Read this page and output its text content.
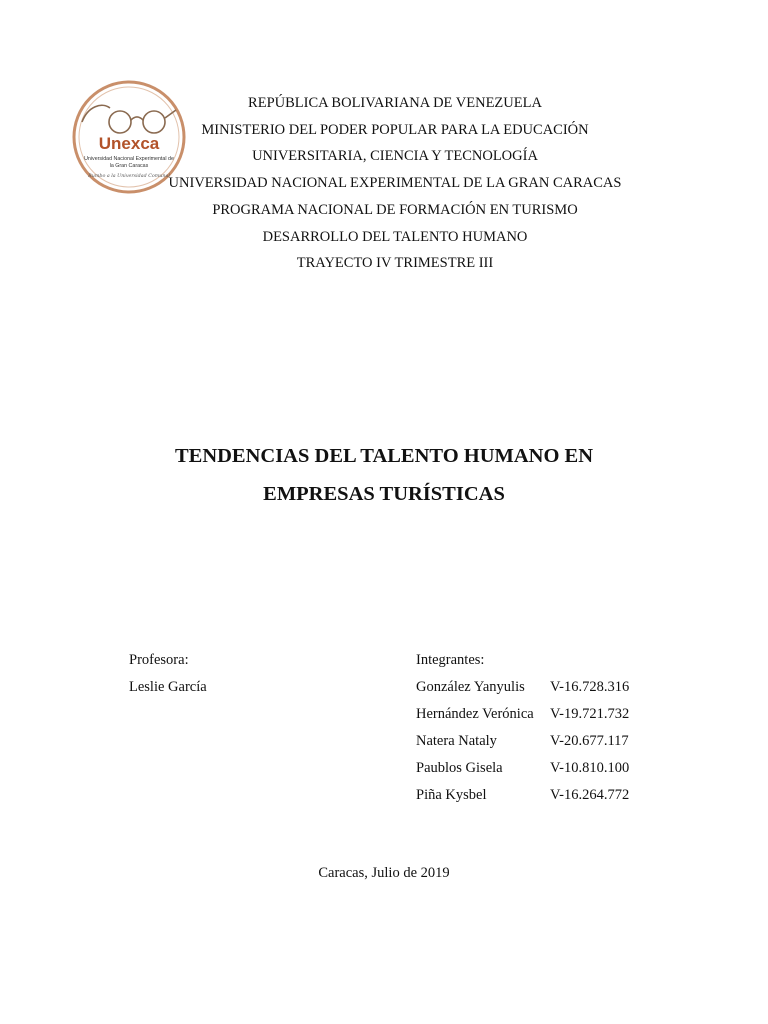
Unexca
Universidad Nacional Experimental de
la Gran Caracas
Rumbo a la Universidad Comunal
REPÚBLICA BOLIVARIANA DE VENEZUELA
MINISTERIO DEL PODER POPULAR PARA LA EDUCACIÓN
UNIVERSITARIA, CIENCIA Y TECNOLOGÍA
UNIVERSIDAD NACIONAL EXPERIMENTAL DE LA GRAN CARACAS
PROGRAMA NACIONAL DE FORMACIÓN EN TURISMO
DESARROLLO DEL TALENTO HUMANO
TRAYECTO IV TRIMESTRE III
TENDENCIAS DEL TALENTO HUMANO EN
EMPRESAS TURÍSTICAS
Profesora:
Leslie García
Integrantes:
González Yanyulis	V-16.728.316
Hernández Verónica	V-19.721.732
Natera Nataly	V-20.677.117
Paublos Gisela	V-10.810.100
Piña Kysbel	V-16.264.772
Caracas, Julio de 2019
